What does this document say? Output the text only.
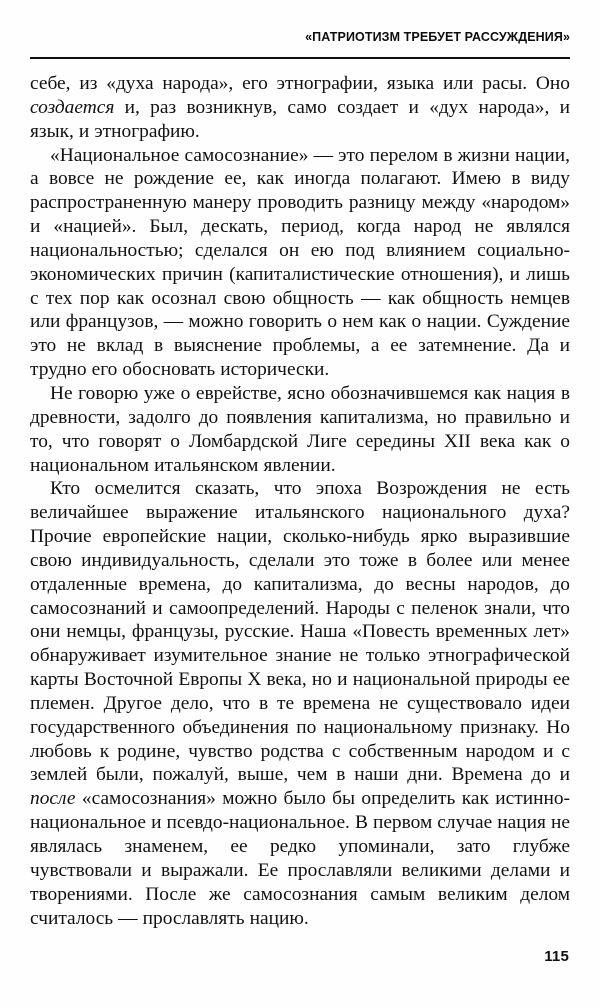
«ПАТРИОТИЗМ ТРЕБУЕТ РАССУЖДЕНИЯ»

себе, из «духа народа», его этнографии, языка или расы. Оно создается и, раз возникнув, само создает и «дух народа», и язык, и этнографию.

«Национальное самосознание» — это перелом в жизни нации, а вовсе не рождение ее, как иногда полагают. Имею в виду распространенную манеру проводить разницу между «народом» и «нацией». Был, дескать, период, когда народ не являлся национальностью; сделался он ею под влиянием социально-экономических причин (капиталистические отношения), и лишь с тех пор как осознал свою общность — как общность немцев или французов, — можно говорить о нем как о нации. Суждение это не вклад в выяснение проблемы, а ее затемнение. Да и трудно его обосновать исторически.

Не говорю уже о еврействе, ясно обозначившемся как нация в древности, задолго до появления капитализма, но правильно и то, что говорят о Ломбардской Лиге середины XII века как о национальном итальянском явлении.

Кто осмелится сказать, что эпоха Возрождения не есть величайшее выражение итальянского национального духа? Прочие европейские нации, сколько-нибудь ярко выразившие свою индивидуальность, сделали это тоже в более или менее отдаленные времена, до капитализма, до весны народов, до самосознаний и самоопределений. Народы с пеленок знали, что они немцы, французы, русские. Наша «Повесть временных лет» обнаруживает изумительное знание не только этнографической карты Восточной Европы X века, но и национальной природы ее племен. Другое дело, что в те времена не существовало идеи государственного объединения по национальному признаку. Но любовь к родине, чувство родства с собственным народом и с землей были, пожалуй, выше, чем в наши дни. Времена до и после «самосознания» можно было бы определить как истинно-национальное и псевдо-национальное. В первом случае нация не являлась знаменем, ее редко упоминали, зато глубже чувствовали и выражали. Ее прославляли великими делами и творениями. После же самосознания самым великим делом считалось — прославлять нацию.

115
